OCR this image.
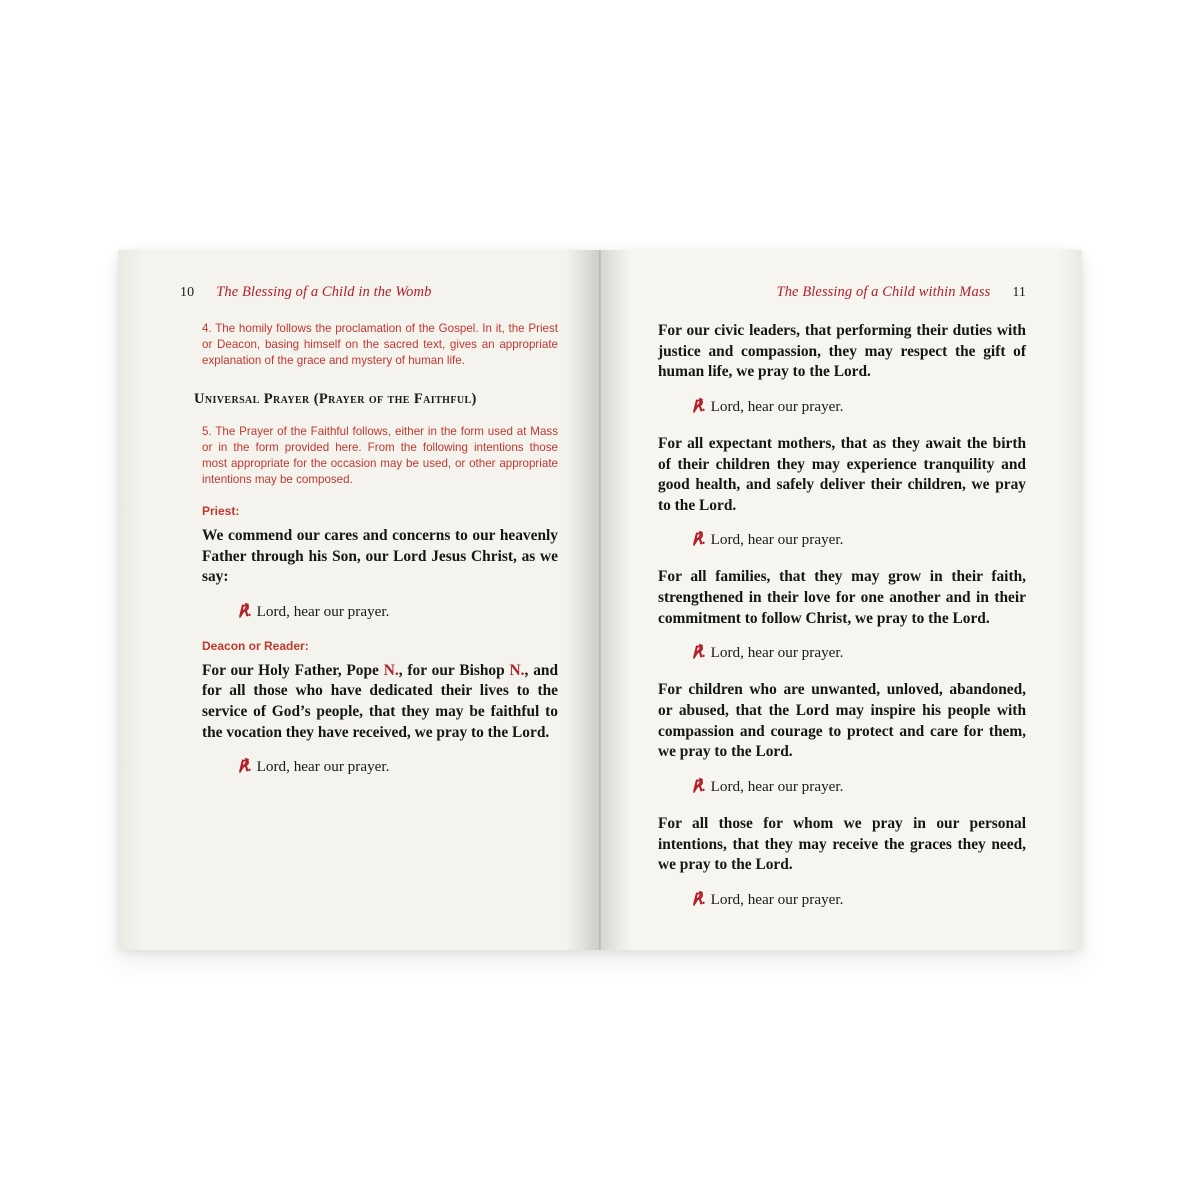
10 The Blessing of a Child in the Womb

4. The homily follows the proclamation of the Gospel. In it, the Priest or Deacon, basing himself on the sacred text, gives an appropriate explanation of the grace and mystery of human life.

Universal Prayer (Prayer of the Faithful)

5. The Prayer of the Faithful follows, either in the form used at Mass or in the form provided here. From the following intentions those most appropriate for the occasion may be used, or other appropriate intentions may be composed.

Priest:

We commend our cares and concerns to our heavenly Father through his Son, our Lord Jesus Christ, as we say:

℟. Lord, hear our prayer.

Deacon or Reader:

For our Holy Father, Pope N., for our Bishop N., and for all those who have dedicated their lives to the service of God’s people, that they may be faithful to the vocation they have received, we pray to the Lord.

℟. Lord, hear our prayer.

The Blessing of a Child within Mass 11

For our civic leaders, that performing their duties with justice and compassion, they may respect the gift of human life, we pray to the Lord.

℟. Lord, hear our prayer.

For all expectant mothers, that as they await the birth of their children they may experience tranquility and good health, and safely deliver their children, we pray to the Lord.

℟. Lord, hear our prayer.

For all families, that they may grow in their faith, strengthened in their love for one another and in their commitment to follow Christ, we pray to the Lord.

℟. Lord, hear our prayer.

For children who are unwanted, unloved, abandoned, or abused, that the Lord may inspire his people with compassion and courage to protect and care for them, we pray to the Lord.

℟. Lord, hear our prayer.

For all those for whom we pray in our personal intentions, that they may receive the graces they need, we pray to the Lord.

℟. Lord, hear our prayer.
